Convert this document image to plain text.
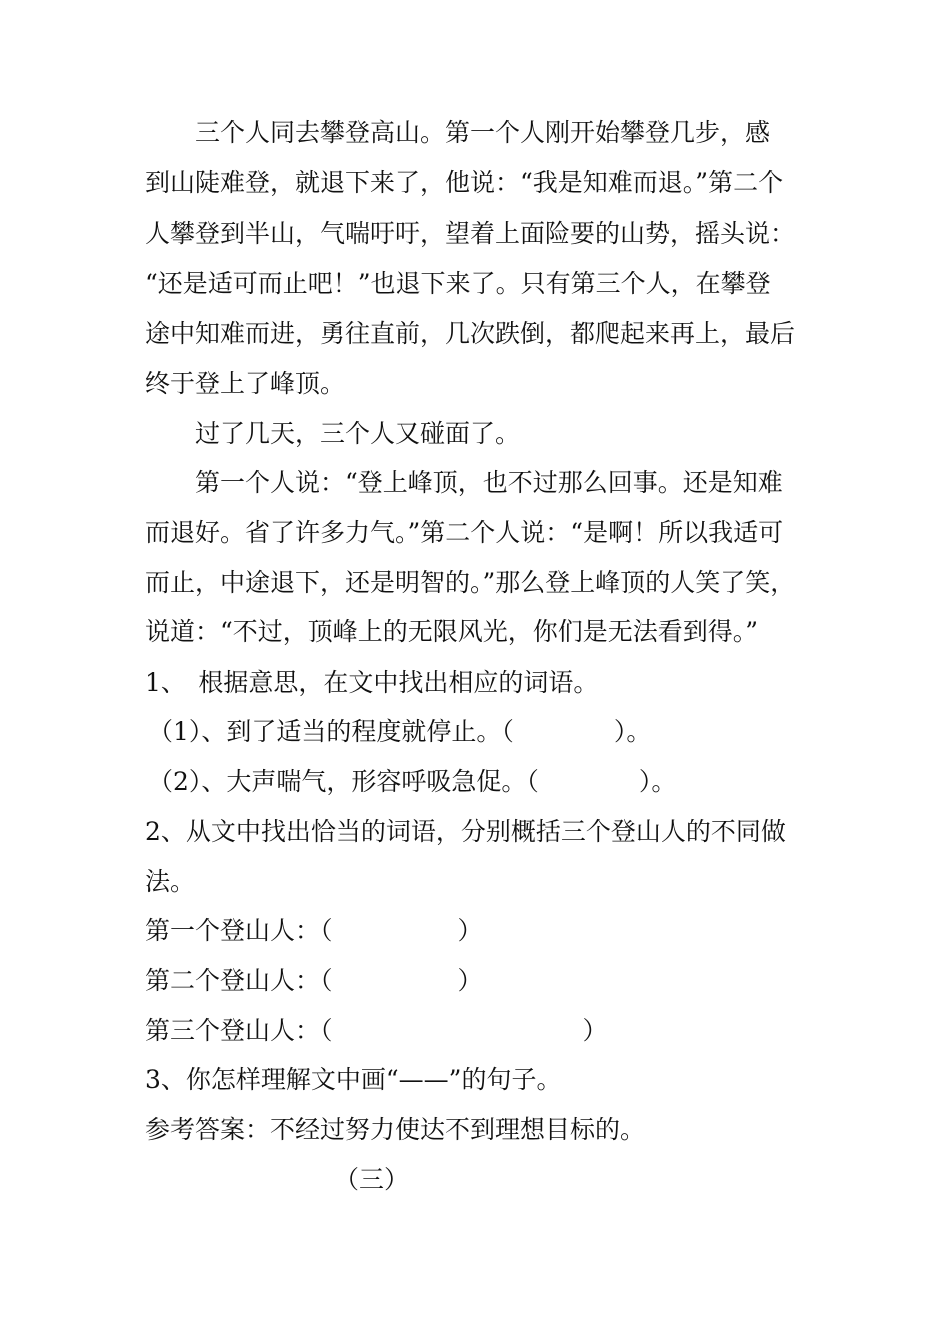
　　三个人同去攀登高山。第一个人刚开始攀登几步，感
到山陡难登，就退下来了，他说：“我是知难而退。”第二个
人攀登到半山，气喘吁吁，望着上面险要的山势，摇头说：
“还是适可而止吧！”也退下来了。只有第三个人，在攀登
途中知难而进，勇往直前，几次跌倒，都爬起来再上，最后
终于登上了峰顶。
　　过了几天，三个人又碰面了。
　　第一个人说：“登上峰顶，也不过那么回事。还是知难
而退好。省了许多力气。”第二个人说：“是啊！所以我适可
而止，中途退下，还是明智的。”那么登上峰顶的人笑了笑，
说道：“不过，顶峰上的无限风光，你们是无法看到得。”
1、　根据意思，在文中找出相应的词语。
（1）、到了适当的程度就停止。（　　　　）。
（2）、大声喘气，形容呼吸急促。（　　　　）。
2、从文中找出恰当的词语，分别概括三个登山人的不同做
法。
第一个登山人：（　　　　　）
第二个登山人：（　　　　　）
第三个登山人：（　　　　　　　　　　）
3、你怎样理解文中画“——”的句子。
参考答案：不经过努力使达不到理想目标的。
（三）
